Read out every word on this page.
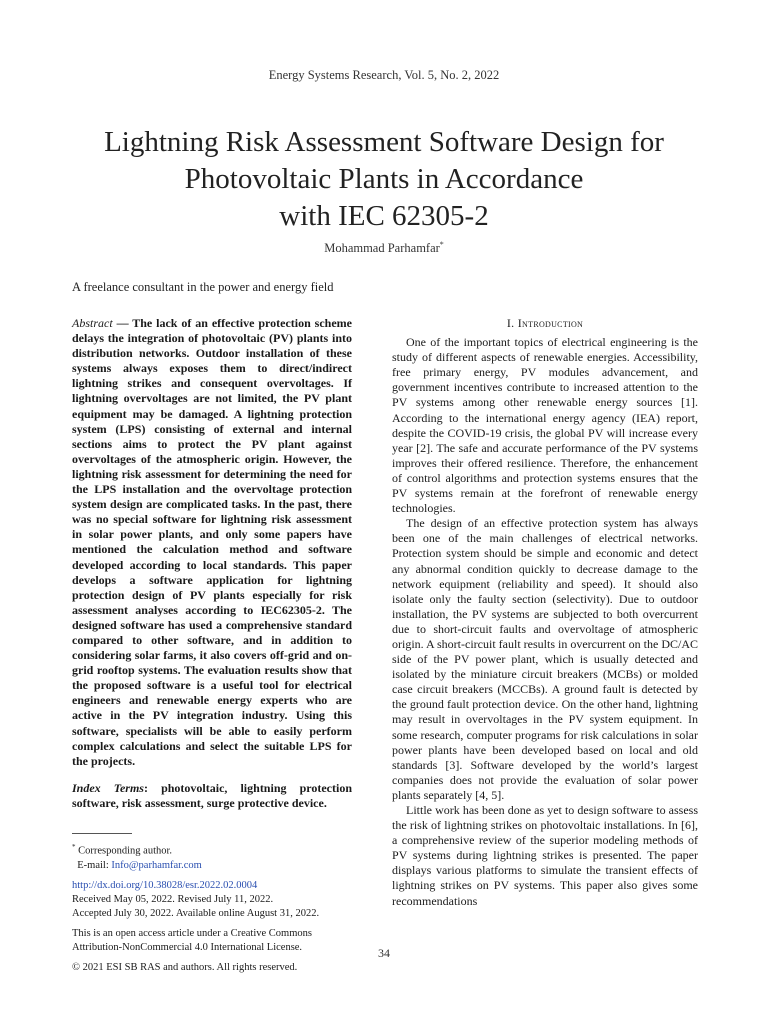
Energy Systems Research, Vol. 5, No. 2, 2022
Lightning Risk Assessment Software Design for
Photovoltaic Plants in Accordance
with IEC 62305-2
Mohammad Parhamfar*
A freelance consultant in the power and energy field

Abstract — The lack of an effective protection scheme delays the integration of photovoltaic (PV) plants into distribution networks. Outdoor installation of these systems always exposes them to direct/indirect lightning strikes and consequent overvoltages. If lightning overvoltages are not limited, the PV plant equipment may be damaged. A lightning protection system (LPS) consisting of external and internal sections aims to protect the PV plant against overvoltages of the atmospheric origin. However, the lightning risk assessment for determining the need for the LPS installation and the overvoltage protection system design are complicated tasks. In the past, there was no special software for lightning risk assessment in solar power plants, and only some papers have mentioned the calculation method and software developed according to local standards. This paper develops a software application for lightning protection design of PV plants especially for risk assessment analyses according to IEC62305-2. The designed software has used a comprehensive standard compared to other software, and in addition to considering solar farms, it also covers off-grid and on-grid rooftop systems. The evaluation results show that the proposed software is a useful tool for electrical engineers and renewable energy experts who are active in the PV integration industry. Using this software, specialists will be able to easily perform complex calculations and select the suitable LPS for the projects.

Index Terms: photovoltaic, lightning protection software, risk assessment, surge protective device.

* Corresponding author.

E-mail: Info@parhamfar.com

http://dx.doi.org/10.38028/esr.2022.02.0004

Received May 05, 2022. Revised July 11, 2022.

Accepted July 30, 2022. Available online August 31, 2022.

This is an open access article under a Creative Commons

Attribution-NonCommercial 4.0 International License.

© 2021 ESI SB RAS and authors. All rights reserved.

I. Introduction

One of the important topics of electrical engineering is the study of different aspects of renewable energies. Accessibility, free primary energy, PV modules advancement, and government incentives contribute to increased attention to the PV systems among other renewable energy sources [1]. According to the international energy agency (IEA) report, despite the COVID-19 crisis, the global PV will increase every year [2]. The safe and accurate performance of the PV systems improves their offered resilience. Therefore, the enhancement of control algorithms and protection systems ensures that the PV systems remain at the forefront of renewable energy technologies.

The design of an effective protection system has always been one of the main challenges of electrical networks. Protection system should be simple and economic and detect any abnormal condition quickly to decrease damage to the network equipment (reliability and speed). It should also isolate only the faulty section (selectivity). Due to outdoor installation, the PV systems are subjected to both overcurrent due to short-circuit faults and overvoltage of atmospheric origin. A short-circuit fault results in overcurrent on the DC/AC side of the PV power plant, which is usually detected and isolated by the miniature circuit breakers (MCBs) or molded case circuit breakers (MCCBs). A ground fault is detected by the ground fault protection device. On the other hand, lightning may result in overvoltages in the PV system equipment. In some research, computer programs for risk calculations in solar power plants have been developed based on local and old standards [3]. Software developed by the world’s largest companies does not provide the evaluation of solar power plants separately [4, 5].

Little work has been done as yet to design software to assess the risk of lightning strikes on photovoltaic installations. In [6], a comprehensive review of the superior modeling methods of PV systems during lightning strikes is presented. The paper displays various platforms to simulate the transient effects of lightning strikes on PV systems. This paper also gives some recommendations

34
